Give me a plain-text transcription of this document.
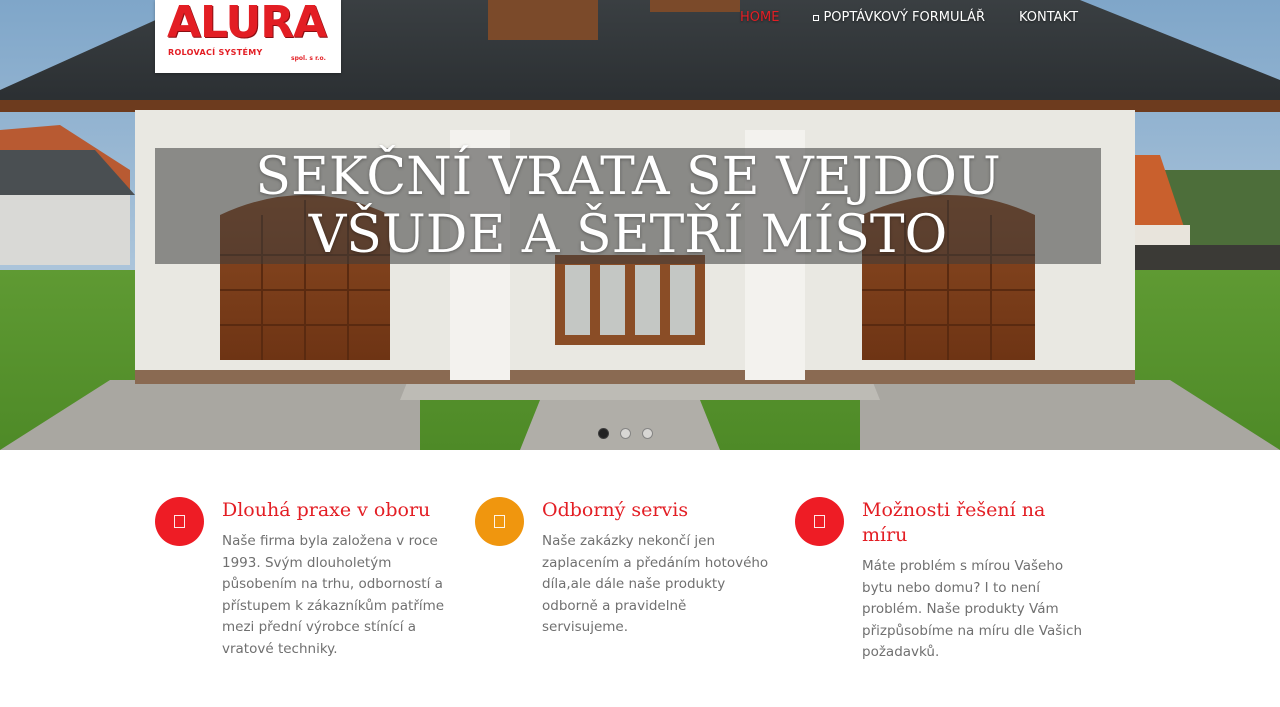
ALURA
ROLOVACÍ SYSTÉMY
spol. s r.o.
HOME	POPTÁVKOVÝ FORMULÁŘ	KONTAKT
SEKČNÍ VRATA SE VEJDOU
VŠUDE A ŠETŘÍ MÍSTO
Dlouhá praxe v oboru

Naše firma byla založena v roce 1993. Svým dlouholetým působením na trhu, odborností a přístupem k zákazníkům patříme mezi přední výrobce stínící a vratové techniky.

Odborný servis

Naše zakázky nekončí jen zaplacením a předáním hotového díla,ale dále naše produkty odborně a pravidelně servisujeme.

Možnosti řešení na míru

Máte problém s mírou Vašeho bytu nebo domu? I to není problém. Naše produkty Vám přizpůsobíme na míru dle Vašich požadavků.
